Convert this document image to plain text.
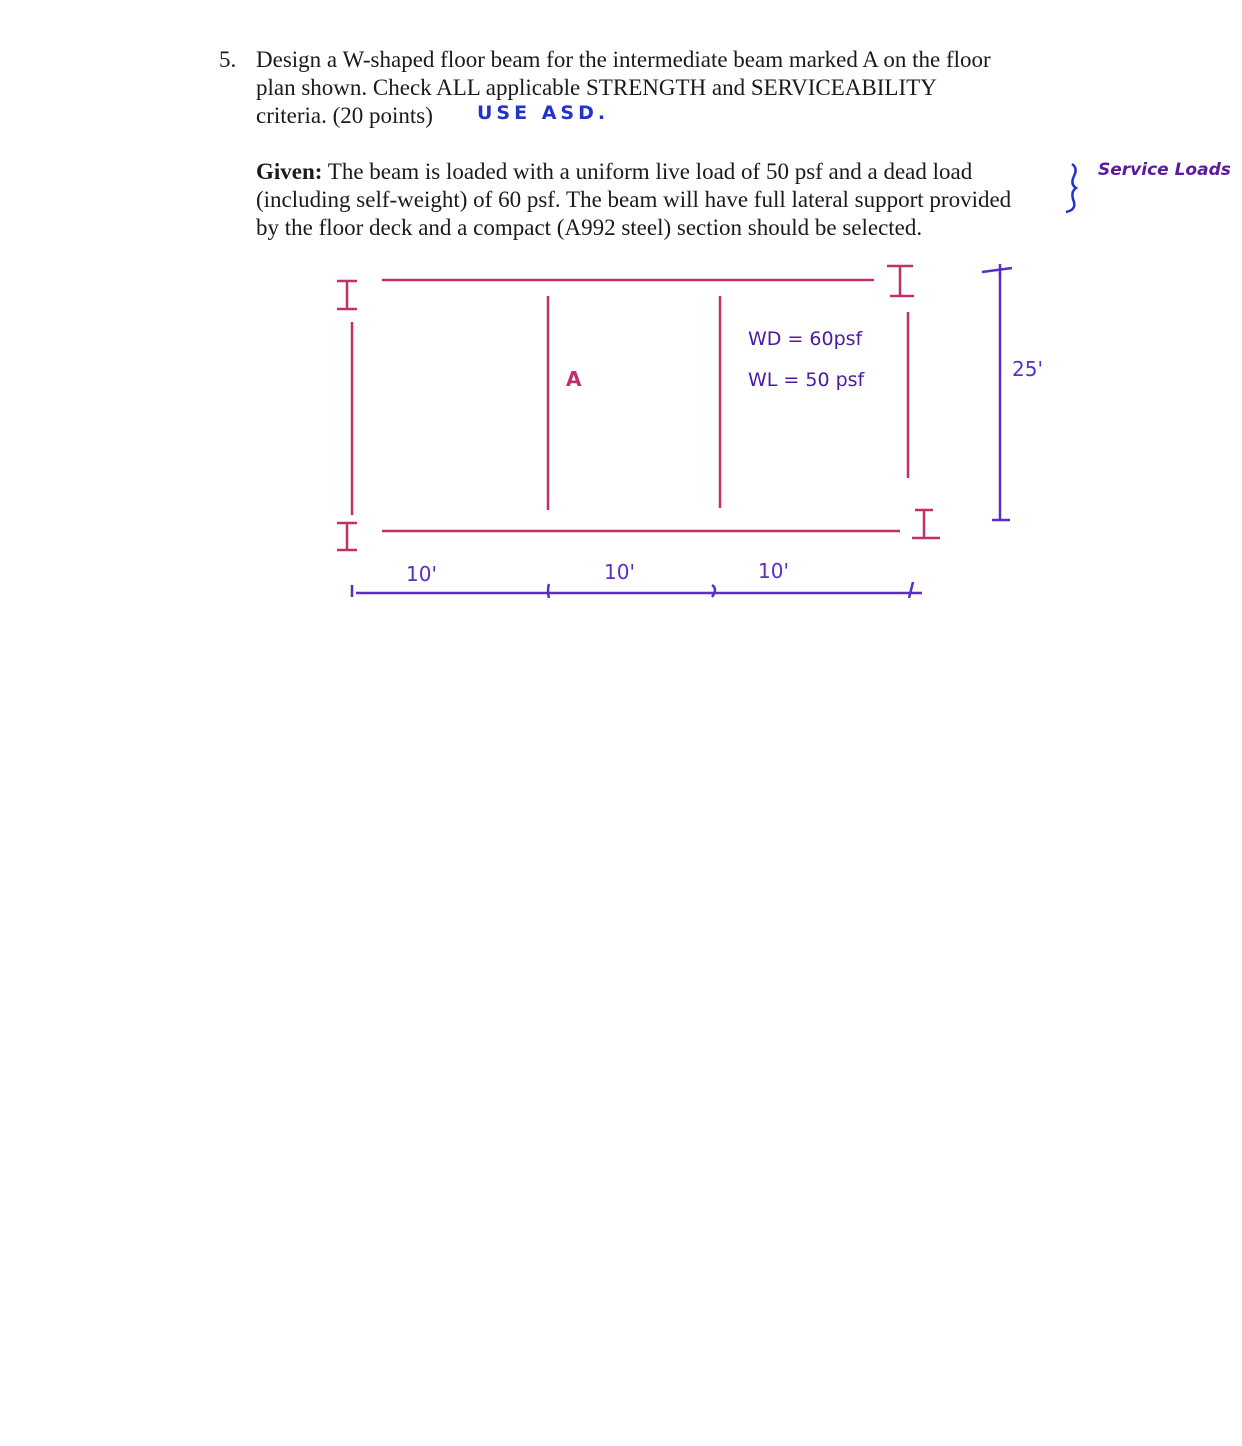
5. Design a W-shaped floor beam for the intermediate beam marked A on the floor
plan shown. Check ALL applicable STRENGTH and SERVICEABILITY
criteria. (20 points)	USE ASD.
Given: The beam is loaded with a uniform live load of 50 psf and a dead load
(including self-weight) of 60 psf. The beam will have full lateral support provided
by the floor deck and a compact (A992 steel) section should be selected.
Service Loads
A
WD = 60psf
WL = 50 psf	25'
10'	10'	10'
